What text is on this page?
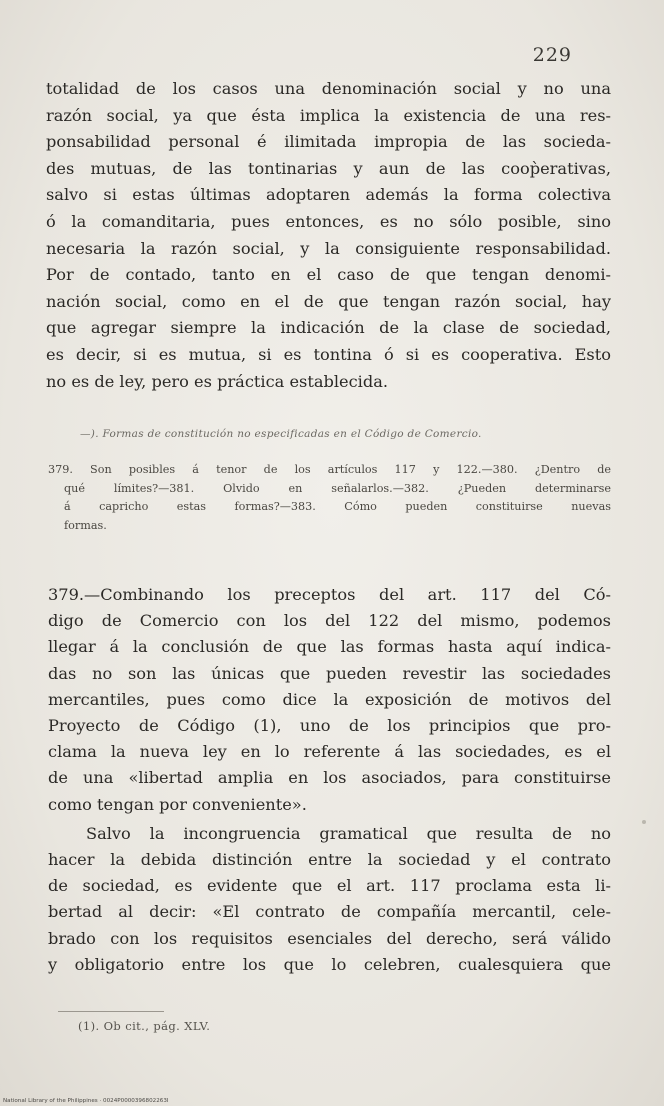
229
totalidad de los casos una denominación social y no una
razón social, ya que ésta implica la existencia de una res-
ponsabilidad personal é ilimitada impropia de las socieda-
des mutuas, de las tontinarias y aun de las coop̀erativas,
salvo si estas últimas adoptaren además la forma colectiva
ó la comanditaria, pues entonces, es no sólo posible, sino
necesaria la razón social, y la consiguiente responsabilidad.
Por de contado, tanto en el caso de que tengan denomi-
nación social, como en el de que tengan razón social, hay
que agregar siempre la indicación de la clase de sociedad,
es decir, si es mutua, si es tontina ó si es cooperativa. Esto
no es de ley, pero es práctica establecida.
—). Formas de constitución no especificadas en el Código de Comercio.
379. Son posibles á tenor de los artículos 117 y 122.—380. ¿Dentro de
qué límites?—381. Olvido en señalarlos.—382. ¿Pueden determinarse
á capricho estas formas?—383. Cómo pueden constituirse nuevas
formas.
379.—Combinando los preceptos del art. 117 del Có-
digo de Comercio con los del 122 del mismo, podemos
llegar á la conclusión de que las formas hasta aquí indica-
das no son las únicas que pueden revestir las sociedades
mercantiles, pues como dice la exposición de motivos del
Proyecto de Código (1), uno de los principios que pro-
clama la nueva ley en lo referente á las sociedades, es el
de una «libertad amplia en los asociados, para constituirse
como tengan por conveniente».
Salvo la incongruencia gramatical que resulta de no
hacer la debida distinción entre la sociedad y el contrato
de sociedad, es evidente que el art. 117 proclama esta li-
bertad al decir: «El contrato de compañía mercantil, cele-
brado con los requisitos esenciales del derecho, será válido
y obligatorio entre los que lo celebren, cualesquiera que
(1). Ob cit., pág. XLV.
National Library of the Philippines · 0024P0000396802263I
